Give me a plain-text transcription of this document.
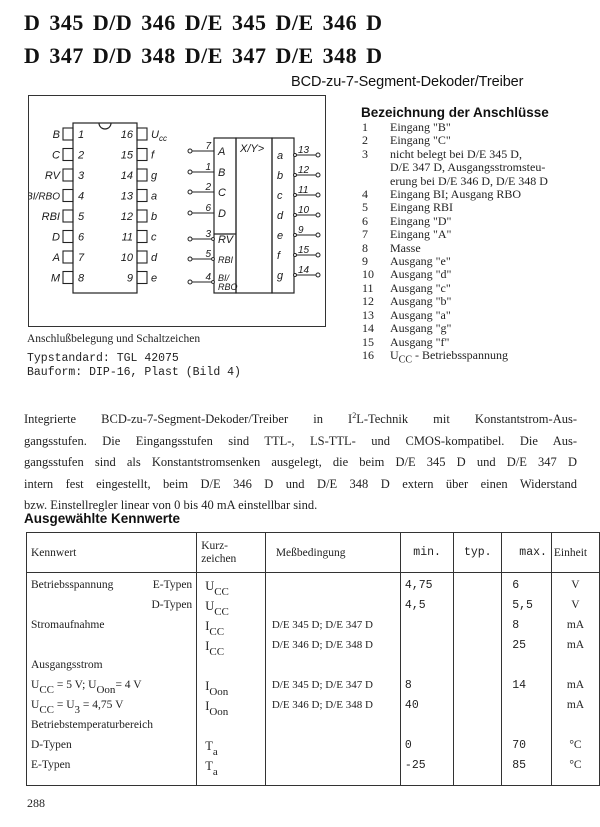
D 345 D/D 346 D/E 345 D/E 346 D
D 347 D/D 348 D/E 347 D/E 348 D
BCD-zu-7-Segment-Dekoder/Treiber
1
B
2
C
3
RV
4
BI/RBO
5
RBI
6
D
7
A
8
M
16 $U_{cc}$
15 f
14 g
13 a
12 b
11 c
10 d
9 e
X/Y>
7 A
1 B
2 C
6 D
3 RV
5 RBI
4 BI/
RBO
13
a
12
b
11
c
10
d
9
e
15
f
14
g
Anschlußbelegung und Schaltzeichen
Typstandard: TGL 42075
Bauform: DIP-16, Plast (Bild 4)
Bezeichnung der Anschlüsse
1	Eingang "B"
2	Eingang "C"
3	nicht belegt bei D/E 345 D,
D/E 347 D, Ausgangsstromsteu-
erung bei D/E 346 D, D/E 348 D
4	Eingang BI; Ausgang RBO
5	Eingang RBI
6	Eingang "D"
7	Eingang "A"
8	Masse
9	Ausgang "e"
10	Ausgang "d"
11	Ausgang "c"
12	Ausgang "b"
13	Ausgang "a"
14	Ausgang "g"
15	Ausgang "f"
16	$U_{CC}$ - Betriebsspannung
Integrierte BCD-zu-7-Segment-Dekoder/Treiber in $I^2L$-Technik mit Konstantstrom-Aus-
gangsstufen. Die Eingangsstufen sind TTL-, LS-TTL- und CMOS-kompatibel. Die Aus-
gangsstufen sind als Konstantstromsenken ausgelegt, die beim D/E 345 D und D/E 347 D
intern fest eingestellt, beim D/E 346 D und D/E 348 D extern über einen Widerstand
bzw. Einstellregler linear von 0 bis 40 mA einstellbar sind.
Ausgewählte Kennwerte
Kennwert	Kurz-
zeichen	Meßbedingung	min.	typ.	max.	Einheit

Betriebsspannung E-Typen	$U_{CC}$		4,75		6	V

D-Typen	$U_{CC}$		4,5		5,5	V

Stromaufnahme	$I_{CC}$	D/E 345 D; D/E 347 D			8	mA

	$I_{CC}$	D/E 346 D; D/E 348 D			25	mA

Ausgangsstrom						

$U_{CC} = 5$ V; $U_{Oon}= 4$ V	$I_{Oon}$	D/E 345 D; D/E 347 D	8		14	mA
$U_{CC} = U_3 = 4,75$ V	$I_{Oon}$	D/E 346 D; D/E 348 D	40			mA

Betriebstemperaturbereich						

D-Typen	$T_a$		0		70	°C

E-Typen	$T_a$		-25		85	°C
288
